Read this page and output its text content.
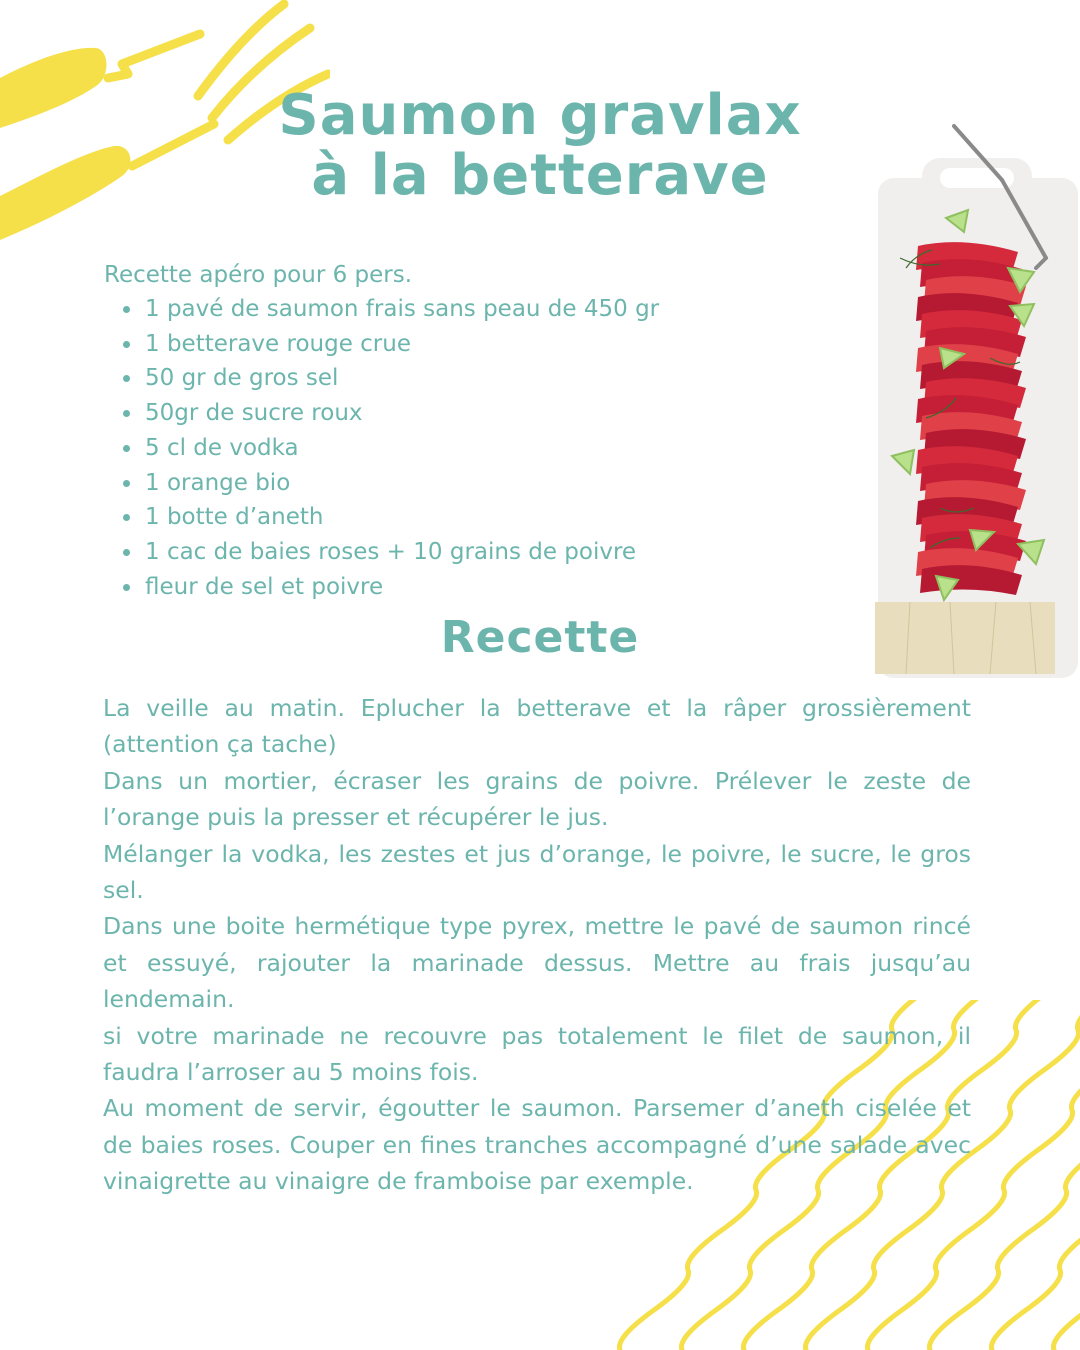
Saumon gravlax
à la betterave

Recette apéro pour 6 pers.

1 pavé de saumon frais sans peau de 450 gr
1 betterave rouge crue
50 gr de gros sel
50gr de sucre roux
5 cl de vodka
1 orange bio
1 botte d’aneth
1 cac de baies roses + 10 grains de poivre
fleur de sel et poivre
Recette

La veille au matin. Eplucher la betterave et la râper grossièrement (attention ça tache)

Dans un mortier, écraser les grains de poivre. Prélever le zeste de l’orange puis la presser et récupérer le jus.

Mélanger la vodka, les zestes et jus d’orange, le poivre, le sucre, le gros sel.

Dans une boite hermétique type pyrex, mettre le pavé de saumon rincé et essuyé, rajouter la marinade dessus. Mettre au frais jusqu’au lendemain.

si votre marinade ne recouvre pas totalement le filet de saumon, il faudra l’arroser au 5 moins fois.

Au moment de servir, égoutter le saumon. Parsemer d’aneth ciselée et de baies roses. Couper en fines tranches accompagné d’une salade avec vinaigrette au vinaigre de framboise par exemple.
